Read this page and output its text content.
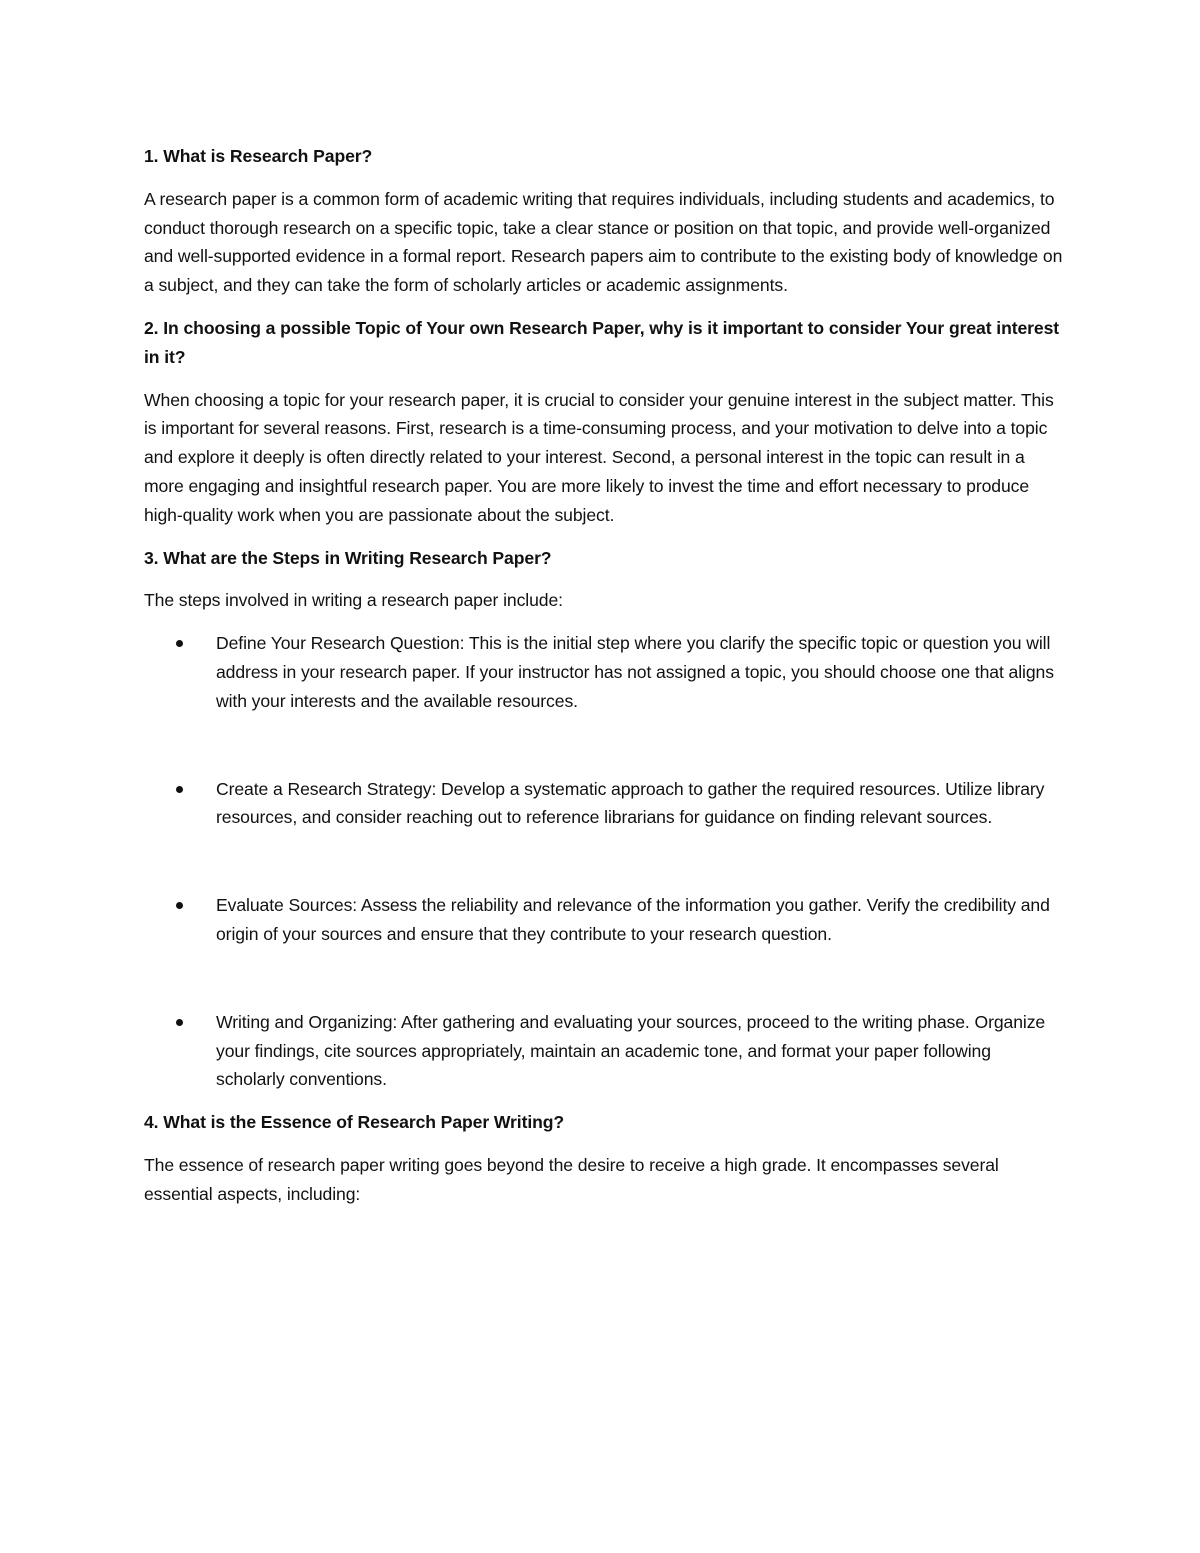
1. What is Research Paper?
A research paper is a common form of academic writing that requires individuals, including students and academics, to conduct thorough research on a specific topic, take a clear stance or position on that topic, and provide well-organized and well-supported evidence in a formal report. Research papers aim to contribute to the existing body of knowledge on a subject, and they can take the form of scholarly articles or academic assignments.
2. In choosing a possible Topic of Your own Research Paper, why is it important to consider Your great interest in it?
When choosing a topic for your research paper, it is crucial to consider your genuine interest in the subject matter. This is important for several reasons. First, research is a time-consuming process, and your motivation to delve into a topic and explore it deeply is often directly related to your interest. Second, a personal interest in the topic can result in a more engaging and insightful research paper. You are more likely to invest the time and effort necessary to produce high-quality work when you are passionate about the subject.
3. What are the Steps in Writing Research Paper?
The steps involved in writing a research paper include:
Define Your Research Question: This is the initial step where you clarify the specific topic or question you will address in your research paper. If your instructor has not assigned a topic, you should choose one that aligns with your interests and the available resources.
Create a Research Strategy: Develop a systematic approach to gather the required resources. Utilize library resources, and consider reaching out to reference librarians for guidance on finding relevant sources.
Evaluate Sources: Assess the reliability and relevance of the information you gather. Verify the credibility and origin of your sources and ensure that they contribute to your research question.
Writing and Organizing: After gathering and evaluating your sources, proceed to the writing phase. Organize your findings, cite sources appropriately, maintain an academic tone, and format your paper following scholarly conventions.
4. What is the Essence of Research Paper Writing?
The essence of research paper writing goes beyond the desire to receive a high grade. It encompasses several essential aspects, including:
